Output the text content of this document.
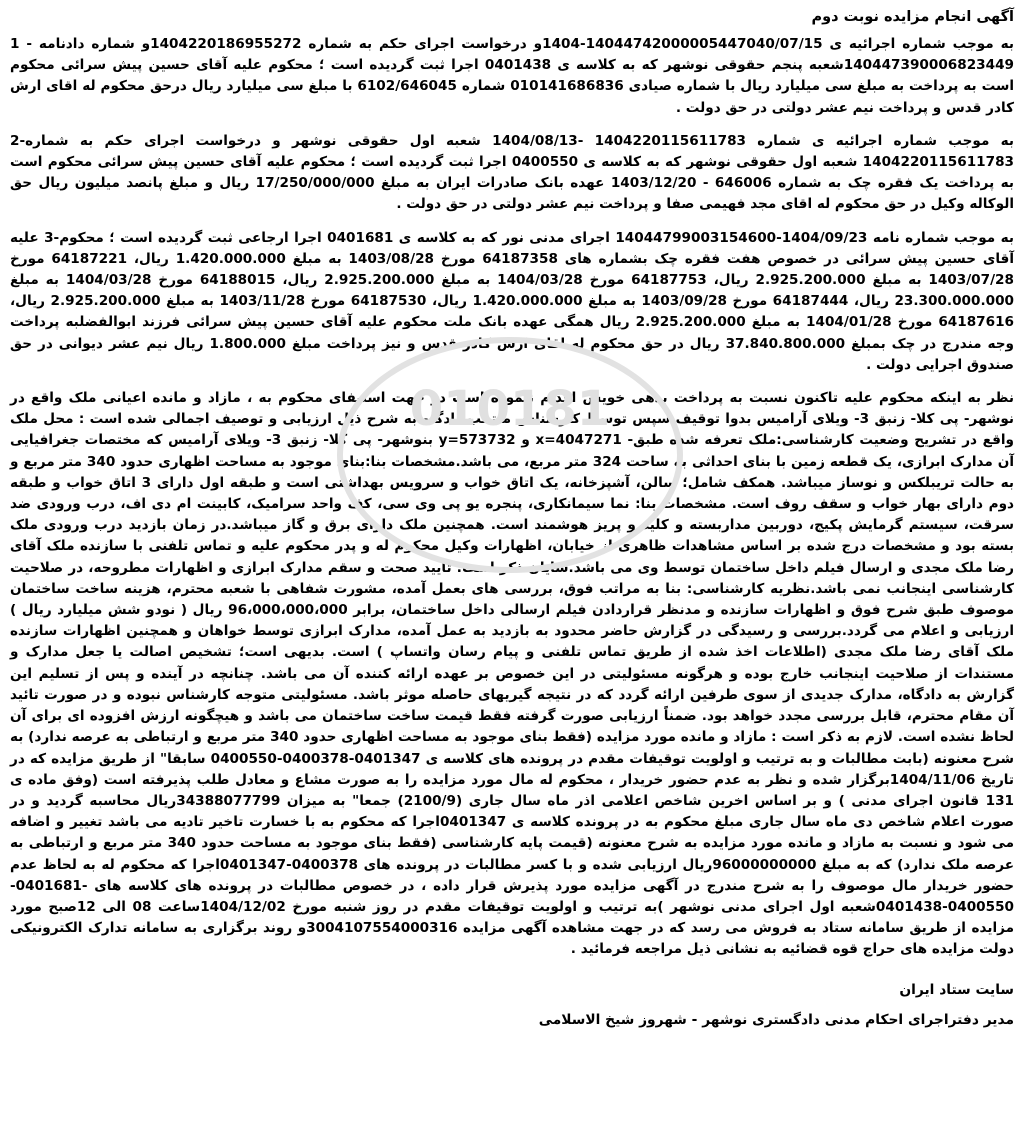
آگهی انجام مزایده نوبت دوم

به موجب شماره اجرائیه ی 14044742000005447040/07/15-1404و درخواست اجرای حکم به شماره 1404220186955272و شماره دادنامه - 1 140447390006823449شعبه پنجم حقوقی نوشهر که به کلاسه ی 0401438 اجرا ثبت گردیده است ؛ محکوم علیه آقای حسین پیش سرائی محکوم است به پرداخت به مبلغ سی میلیارد ریال با شماره صیادی 010141686836 شماره 6102/646045 با مبلغ سی میلیارد ریال درحق محکوم له اقای ارش کادر قدس و پرداخت نیم عشر دولتی در حق دولت .

به موجب شماره اجرائیه ی شماره 1404220115611783 -1404/08/13 شعبه اول حقوقی نوشهر و درخواست اجرای حکم به شماره-2 1404220115611783 شعبه اول حقوقی نوشهر که به کلاسه ی 0400550 اجرا ثبت گردیده است ؛ محکوم علیه آقای حسین پیش سرائی محکوم است به پرداخت یک فقره چک به شماره 646006 - 1403/12/20 عهده بانک صادرات ایران به مبلغ 17/250/000/000 ریال و مبلغ پانصد میلیون ریال حق الوکاله وکیل در حق محکوم له اقای مجد فهیمی صفا و پرداخت نیم عشر دولتی در حق دولت .

به موجب شماره نامه 1404/09/23-14044799003154600 اجرای مدنی نور که به کلاسه ی 0401681 اجرا ارجاعی ثبت گردیده است ؛ محکوم-3 علیه آقای حسین پیش سرائی در خصوص هفت فقره چک بشماره های 64187358 مورخ 1403/08/28 به مبلغ 1.420.000.000 ریال، 64187221 مورخ 1403/07/28 به مبلغ 2.925.200.000 ریال، 64187753 مورخ 1404/03/28 به مبلغ 2.925.200.000 ریال، 64188015 مورخ 1404/03/28 به مبلغ 23.300.000.000 ریال، 64187444 مورخ 1403/09/28 به مبلغ 1.420.000.000 ریال، 64187530 مورخ 1403/11/28 به مبلغ 2.925.200.000 ریال، 64187616 مورخ 1404/01/28 به مبلغ 2.925.200.000 ریال همگی عهده بانک ملت محکوم علیه آقای حسین پیش سرائی فرزند ابوالفضلبه پرداخت وجه مندرج در چک بمبلغ 37.840.800.000 ریال در حق محکوم له اقای ارش کادر قدس و نیز پرداخت مبلغ 1.800.000 ریال نیم عشر دیوانی در حق صندوق اجرایی دولت .

نظر به اینکه محکوم علیه تاکنون نسبت به پرداخت بدهی خویش اقدام ننموده است در جهت استیفای محکوم به ، مازاد و مانده اعیانی ملک واقع در نوشهر- پی کلا- زنبق 3- ویلای آرامیس بدوا توقیف سپس توسط کارشناس منتخب دادگاه به شرح ذیل ارزیابی و توصیف اجمالی شده است : محل ملک واقع در تشریح وضعیت کارشناسی:ملک تعرفه شده طبق- x=4047271 و y=573732 بنوشهر- پی کلا- زنبق 3- ویلای آرامیس که مختصات جغرافیایی آن مدارک ابرازی، یک قطعه زمین با بنای احداثی به ساحت 324 متر مربع، می باشد.مشخصات بنا:بنای موجود به مساحت اظهاری حدود 340 متر مربع و به حالت تریبلکس و نوساز میباشد. همکف شامل؛ سالن، آشپزخانه، یک اتاق خواب و سرویس بهداشتی است و طبقه اول دارای 3 اتاق خواب و طبقه دوم دارای بهار خواب و سقف روف است. مشخصات بنا: نما سیمانکاری، پنجره یو پی وی سی، کف واحد سرامیک، کابینت ام دی اف، درب ورودی ضد سرقت، سیستم گرمایش پکیج، دوربین مداربسته و کلید و پریز هوشمند است. همچنین ملک دارای برق و گاز میباشد.در زمان بازدید درب ورودی ملک بسته بود و مشخصات درج شده بر اساس مشاهدات ظاهری از خیابان، اظهارات وکیل محکوم له و پدر محکوم علیه و تماس تلفنی با سازنده ملک آقای رضا ملک مجدی و ارسال فیلم داخل ساختمان توسط وی می باشد.شایان ذکر است؛ تایید صحت و سقم مدارک ابرازی و اظهارات مطروحه، در صلاحیت کارشناسی اینجانب نمی باشد.نظریه کارشناسی: بنا به مراتب فوق، بررسی های بعمل آمده، مشورت شفاهی با شعبه محترم، هزینه ساخت ساختمان موصوف طبق شرح فوق و اظهارات سازنده و مدنظر قراردادن فیلم ارسالی داخل ساختمان، برابر 96،000،000،000 ریال ( نودو شش میلیارد ریال ) ارزیابی و اعلام می گردد.بررسی و رسیدگی در گزارش حاضر محدود به بازدید به عمل آمده، مدارک ابرازی توسط خواهان و همچنین اظهارات سازنده ملک آقای رضا ملک مجدی (اطلاعات اخذ شده از طریق تماس تلفنی و پیام رسان واتساپ ) است. بدیهی است؛ تشخیص اصالت یا جعل مدارک و مستندات از صلاحیت اینجانب خارج بوده و هرگونه مسئولیتی در این خصوص بر عهده ارائه کننده آن می باشد. چنانچه در آینده و پس از تسلیم این گزارش به دادگاه، مدارک جدیدی از سوی طرفین ارائه گردد که در نتیجه گیریهای حاصله موثر باشد. مسئولیتی متوجه کارشناس نبوده و در صورت تائید آن مقام محترم، قابل بررسی مجدد خواهد بود. ضمناً ارزیابی صورت گرفته فقط قیمت ساخت ساختمان می باشد و هیچگونه ارزش افزوده ای برای آن لحاظ نشده است. لازم به ذکر است : مازاد و مانده مورد مزایده (فقط بنای موجود به مساحت اظهاری حدود 340 متر مربع و ارتباطی به عرصه ندارد) به شرح معنونه (بابت مطالبات و به ترتیب و اولویت توقیفات مقدم در پرونده های کلاسه ی 0401347-0400378-0400550 سابقا" از طریق مزایده که در تاریخ 1404/11/06برگزار شده و نظر به عدم حضور خریدار ، محکوم له مال مورد مزایده را به صورت مشاع و معادل طلب پذیرفته است (وفق ماده ی 131 قانون اجرای مدنی ) و بر اساس اخرین شاخص اعلامی اذر ماه سال جاری (2100/9) جمعا" به میزان 34388077799ریال محاسبه گردید و در صورت اعلام شاخص دی ماه سال جاری مبلغ محکوم به در پرونده کلاسه ی 0401347اجرا که محکوم به با خسارت تاخیر تادیه می باشد تغییر و اضافه می شود و نسبت به مازاد و مانده مورد مزایده به شرح معنونه (قیمت پایه کارشناسی (فقط بنای موجود به مساحت حدود 340 متر مربع و ارتباطی به عرصه ملک ندارد) که به مبلغ 96000000000ریال ارزیابی شده و با کسر مطالبات در پرونده های 0400378-0401347اجرا که محکوم له به لحاظ عدم حضور خریدار مال موصوف را به شرح مندرج در آگهی مزایده مورد پذیرش قرار داده ، در خصوص مطالبات در پرونده های کلاسه های -0401681-0400550-0401438شعبه اول اجرای مدنی نوشهر )به ترتیب و اولویت توقیفات مقدم در روز شنبه مورخ 1404/12/02ساعت 08 الی 12صبح مورد مزایده از طریق سامانه ستاد به فروش می رسد که در جهت مشاهده آگهی مزایده 3004107554000316و روند برگزاری به سامانه تدارک الکترونیکی دولت مزایده های حراج قوه قضائیه به نشانی ذیل مراجعه فرمائید .

سایت ستاد ایران

مدیر دفتراجرای احکام مدنی دادگستری نوشهر - شهروز شیخ الاسلامی

010181
